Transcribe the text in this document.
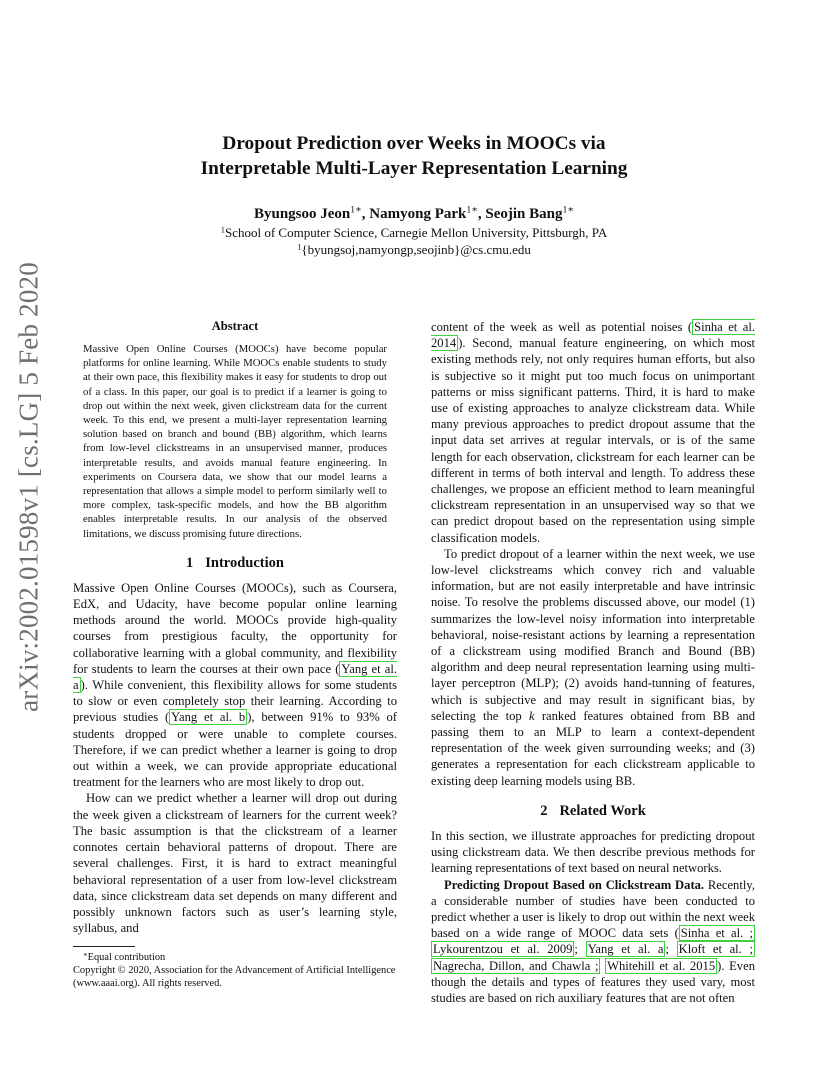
arXiv:2002.01598v1 [cs.LG] 5 Feb 2020
Dropout Prediction over Weeks in MOOCs via
Interpretable Multi-Layer Representation Learning
Byungsoo Jeon$^{1∗}$, Namyong Park$^{1∗}$, Seojin Bang$^{1∗}$
$^1$School of Computer Science, Carnegie Mellon University, Pittsburgh, PA
$^1${byungsoj,namyongp,seojinb}@cs.cmu.edu
Abstract

Massive Open Online Courses (MOOCs) have become popular platforms for online learning. While MOOCs enable students to study at their own pace, this flexibility makes it easy for students to drop out of a class. In this paper, our goal is to predict if a learner is going to drop out within the next week, given clickstream data for the current week. To this end, we present a multi-layer representation learning solution based on branch and bound (BB) algorithm, which learns from low-level clickstreams in an unsupervised manner, produces interpretable results, and avoids manual feature engineering. In experiments on Coursera data, we show that our model learns a representation that allows a simple model to perform similarly well to more complex, task-specific models, and how the BB algorithm enables interpretable results. In our analysis of the observed limitations, we discuss promising future directions.

1 Introduction

Massive Open Online Courses (MOOCs), such as Coursera, EdX, and Udacity, have become popular online learning methods around the world. MOOCs provide high-quality courses from prestigious faculty, the opportunity for collaborative learning with a global community, and flexibility for students to learn the courses at their own pace ( Yang et al. a ). While convenient, this flexibility allows for some students to slow or even completely stop their learning. According to previous studies ( Yang et al. b ), between 91% to 93% of students dropped or were unable to complete courses. Therefore, if we can predict whether a learner is going to drop out within a week, we can provide appropriate educational treatment for the learners who are most likely to drop out.

How can we predict whether a learner will drop out during the week given a clickstream of learners for the current week? The basic assumption is that the clickstream of a learner connotes certain behavioral patterns of dropout. There are several challenges. First, it is hard to extract meaningful behavioral representation of a user from low-level clickstream data, since clickstream data set depends on many different and possibly unknown factors such as user’s learning style, syllabus, and

∗Equal contribution
Copyright © 2020, Association for the Advancement of Artificial Intelligence (www.aaai.org). All rights reserved.

content of the week as well as potential noises ( Sinha et al. 2014 ). Second, manual feature engineering, on which most existing methods rely, not only requires human efforts, but also is subjective so it might put too much focus on unimportant patterns or miss significant patterns. Third, it is hard to make use of existing approaches to analyze clickstream data. While many previous approaches to predict dropout assume that the input data set arrives at regular intervals, or is of the same length for each observation, clickstream for each learner can be different in terms of both interval and length. To address these challenges, we propose an efficient method to learn meaningful clickstream representation in an unsupervised way so that we can predict dropout based on the representation using simple classification models.

To predict dropout of a learner within the next week, we use low-level clickstreams which convey rich and valuable information, but are not easily interpretable and have intrinsic noise. To resolve the problems discussed above, our model (1) summarizes the low-level noisy information into interpretable behavioral, noise-resistant actions by learning a representation of a clickstream using modified Branch and Bound (BB) algorithm and deep neural representation learning using multi-layer perceptron (MLP); (2) avoids hand-tunning of features, which is subjective and may result in significant bias, by selecting the top k ranked features obtained from BB and passing them to an MLP to learn a context-dependent representation of the week given surrounding weeks; and (3) generates a representation for each clickstream applicable to existing deep learning models using BB.

2 Related Work

In this section, we illustrate approaches for predicting dropout using clickstream data. We then describe previous methods for learning representations of text based on neural networks.

Predicting Dropout Based on Clickstream Data. Recently, a considerable number of studies have been conducted to predict whether a user is likely to drop out within the next week based on a wide range of MOOC data sets ( Sinha et al. ; Lykourentzou et al. 2009 ; Yang et al. a ; Kloft et al. ; Nagrecha, Dillon, and Chawla ; Whitehill et al. 2015 ). Even though the details and types of features they used vary, most studies are based on rich auxiliary features that are not often
